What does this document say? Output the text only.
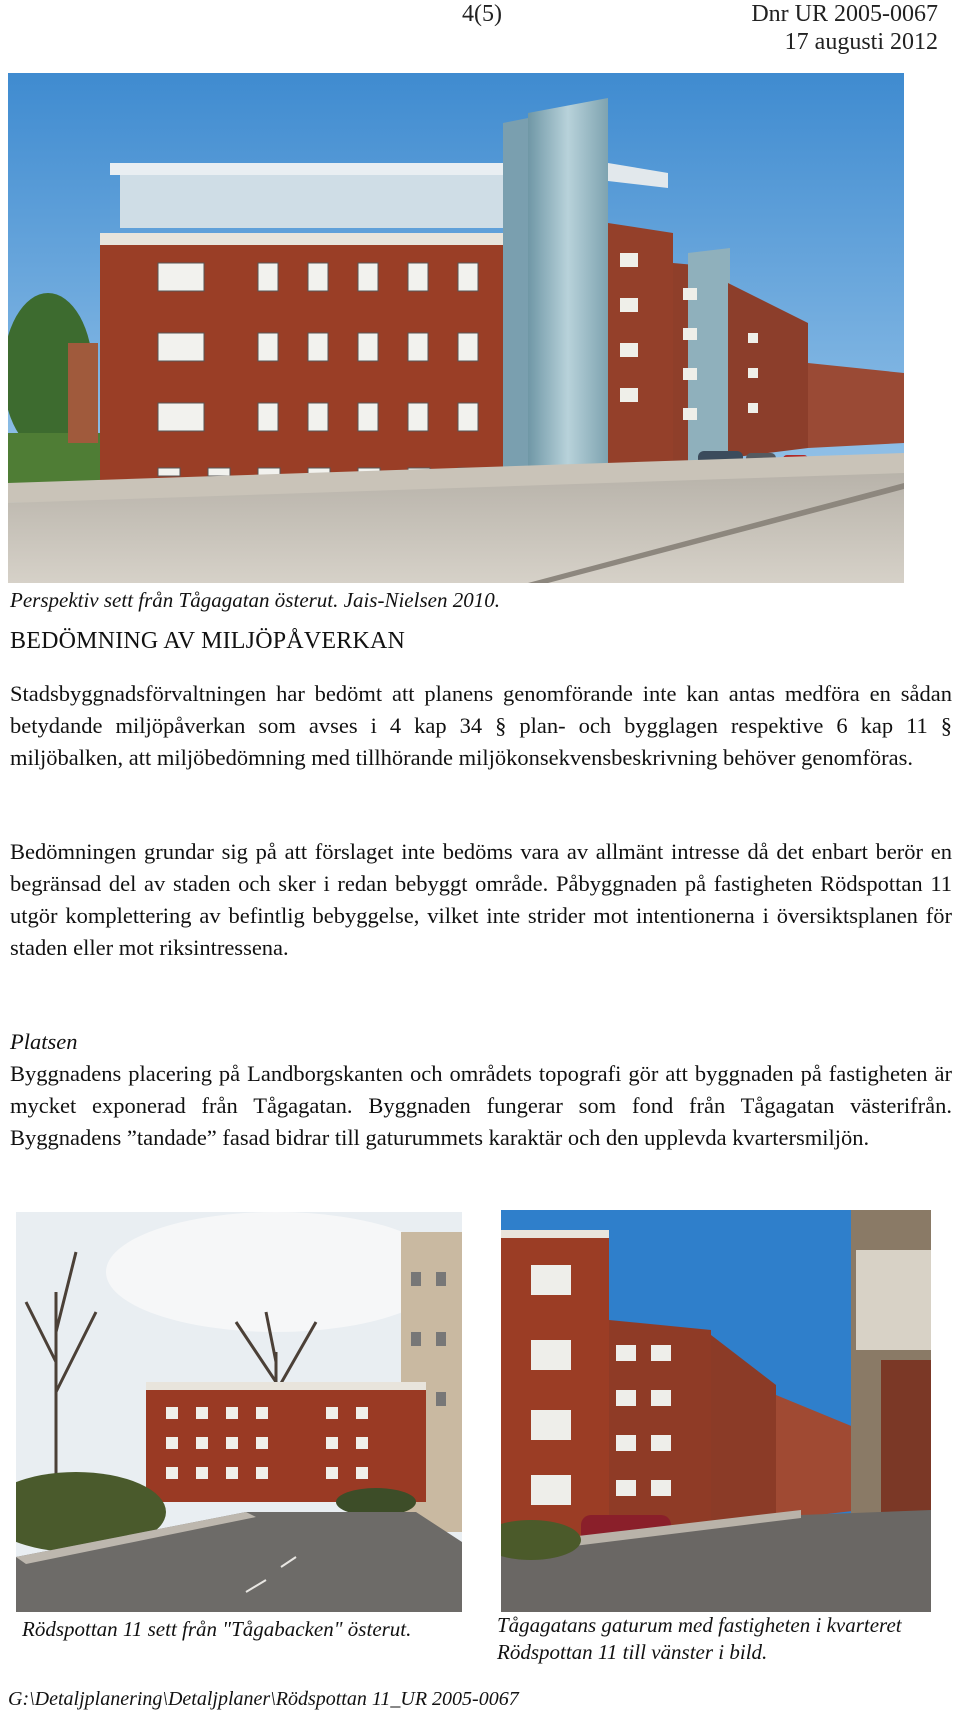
4(5)	Dnr UR 2005-0067
17 augusti 2012
Perspektiv sett från Tågagatan österut. Jais-Nielsen 2010.
BEDÖMNING AV MILJÖPÅVERKAN

Stadsbyggnadsförvaltningen har bedömt att planens genomförande inte kan antas medföra en sådan betydande miljöpåverkan som avses i 4 kap 34 § plan- och bygglagen respektive 6 kap 11 § miljöbalken, att miljöbedömning med tillhörande miljökonsekvensbeskrivning behöver genomföras.

Bedömningen grundar sig på att förslaget inte bedöms vara av allmänt intresse då det enbart berör en begränsad del av staden och sker i redan bebyggt område. Påbyggnaden på fastigheten Rödspottan 11 utgör komplettering av befintlig bebyggelse, vilket inte strider mot intentionerna i översiktsplanen för staden eller mot riksintressena.

Platsen

Byggnadens placering på Landborgskanten och områdets topografi gör att byggnaden på fastigheten är mycket exponerad från Tågagatan. Byggnaden fungerar som fond från Tågagatan västerifrån. Byggnadens ”tandade” fasad bidrar till gaturummets karaktär och den upplevda kvartersmiljön.

Rödspottan 11 sett från "Tågabacken" österut.	Tågagatans gaturum med fastigheten i kvarteret Rödspottan 11 till vänster i bild.
G:\Detaljplanering\Detaljplaner\Rödspottan 11_UR 2005-0067
